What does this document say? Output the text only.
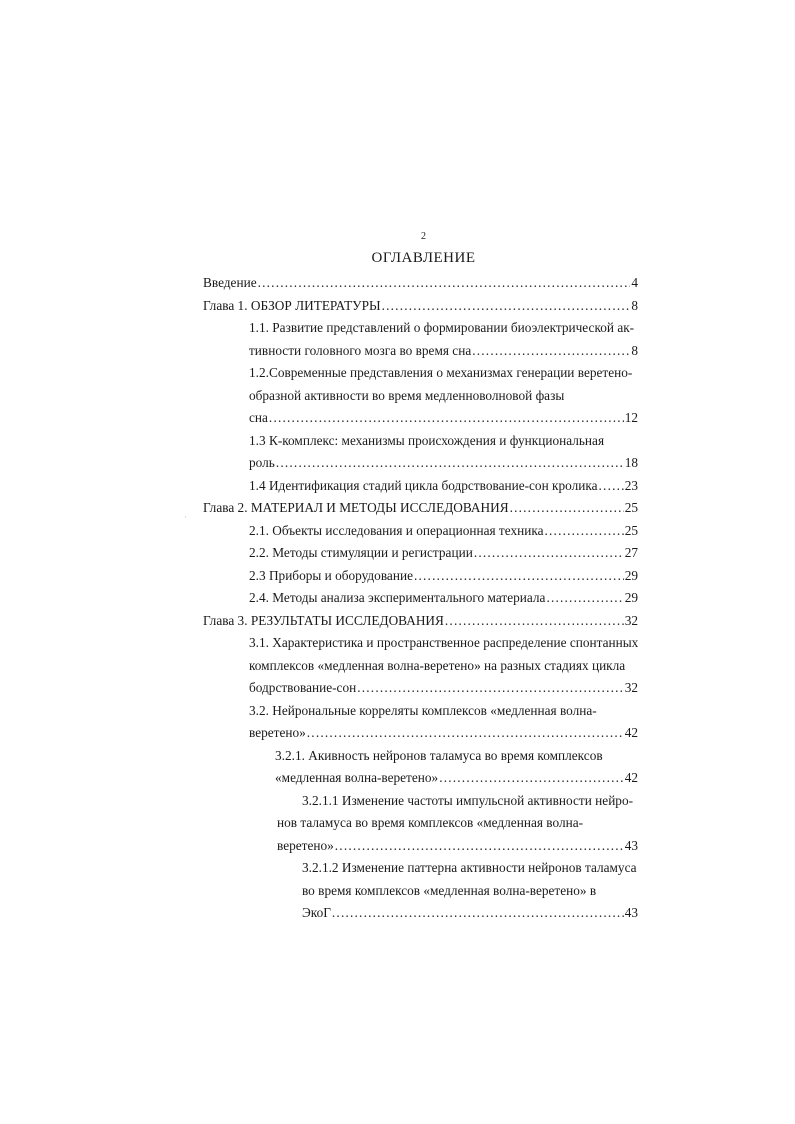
2
ОГЛАВЛЕНИЕ
Введение .....	4
Глава 1. ОБЗОР ЛИТЕРАТУРЫ .....	8
1.1. Развитие представлений о формировании биоэлектрической ак-
тивности головного мозга во время сна .....	8
1.2.Современные представления о механизмах генерации веретено-
образной активности во время медленноволновой фазы
сна .....	12
1.3 К-комплекс: механизмы происхождения и функциональная
роль .....	18
1.4 Идентификация стадий цикла бодрствование-сон кролика ..... 23
Глава 2. МАТЕРИАЛ И МЕТОДЫ ИССЛЕДОВАНИЯ .....	25
2.1. Объекты исследования и операционная техника .....	25
2.2. Методы стимуляции и регистрации .....	27
2.3 Приборы и оборудование .....	29
2.4. Методы анализа экспериментального материала .....	29
Глава 3. РЕЗУЛЬТАТЫ ИССЛЕДОВАНИЯ .....	32
3.1. Характеристика и пространственное распределение спонтанных
комплексов «медленная волна-веретено» на разных стадиях цикла
бодрствование-сон .....	32
3.2. Нейрональные корреляты комплексов «медленная волна-
веретено» .....	42
3.2.1. Акивность нейронов таламуса во время комплексов
«медленная волна-веретено» .....	42
3.2.1.1 Изменение частоты импульсной активности нейро-
нов таламуса во время комплексов «медленная волна-
веретено» .....	43
3.2.1.2 Изменение паттерна активности нейронов таламуса
во время комплексов «медленная волна-веретено» в
ЭкоГ .....	43
·
